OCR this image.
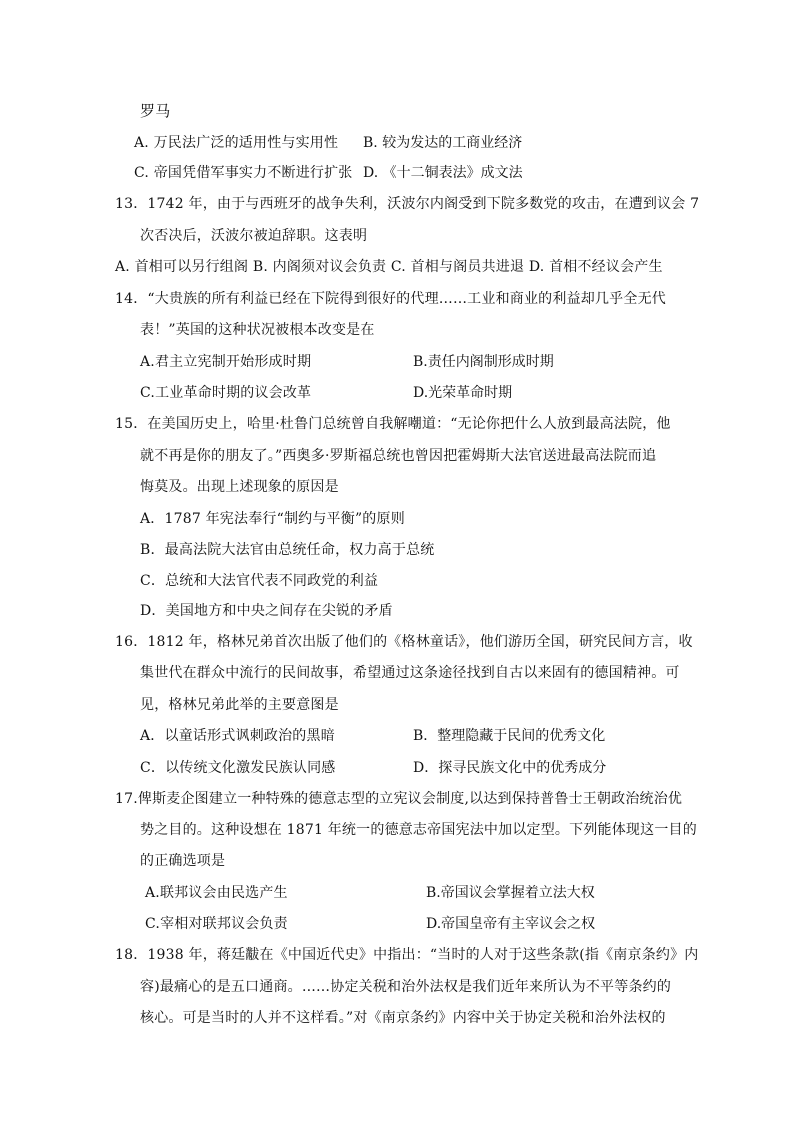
罗马
A. 万民法广泛的适用性与实用性 B. 较为发达的工商业经济
C. 帝国凭借军事实力不断进行扩张 D. 《十二铜表法》成文法
13．1742 年，由于与西班牙的战争失利，沃波尔内阁受到下院多数党的攻击，在遭到议会 7
次否决后，沃波尔被迫辞职。这表明
A. 首相可以另行组阁 B. 内阁须对议会负责 C. 首相与阁员共进退 D. 首相不经议会产生
14．“大贵族的所有利益已经在下院得到很好的代理……工业和商业的利益却几乎全无代
表！”英国的这种状况被根本改变是在
A.君主立宪制开始形成时期	B.责任内阁制形成时期
C.工业革命时期的议会改革	D.光荣革命时期
15．在美国历史上，哈里·杜鲁门总统曾自我解嘲道：“无论你把什么人放到最高法院，他
就不再是你的朋友了。”西奥多·罗斯福总统也曾因把霍姆斯大法官送进最高法院而追
悔莫及。出现上述现象的原因是
A．1787 年宪法奉行“制约与平衡”的原则
B．最高法院大法官由总统任命，权力高于总统
C．总统和大法官代表不同政党的利益
D．美国地方和中央之间存在尖锐的矛盾
16．1812 年，格林兄弟首次出版了他们的《格林童话》，他们游历全国，研究民间方言，收
集世代在群众中流行的民间故事，希望通过这条途径找到自古以来固有的德国精神。可
见，格林兄弟此举的主要意图是
A．以童话形式讽刺政治的黑暗	B．整理隐藏于民间的优秀文化
C．以传统文化激发民族认同感	D．探寻民族文化中的优秀成分
17.俾斯麦企图建立一种特殊的德意志型的立宪议会制度,以达到保持普鲁士王朝政治统治优
势之目的。这种设想在 1871 年统一的德意志帝国宪法中加以定型。下列能体现这一目的
的正确选项是
A.联邦议会由民选产生	B.帝国议会掌握着立法大权
C.宰相对联邦议会负责	D.帝国皇帝有主宰议会之权
18．1938 年，蒋廷黻在《中国近代史》中指出：“当时的人对于这些条款(指《南京条约》内
容)最痛心的是五口通商。……协定关税和治外法权是我们近年来所认为不平等条约的
核心。可是当时的人并不这样看。”对《南京条约》内容中关于协定关税和治外法权的
